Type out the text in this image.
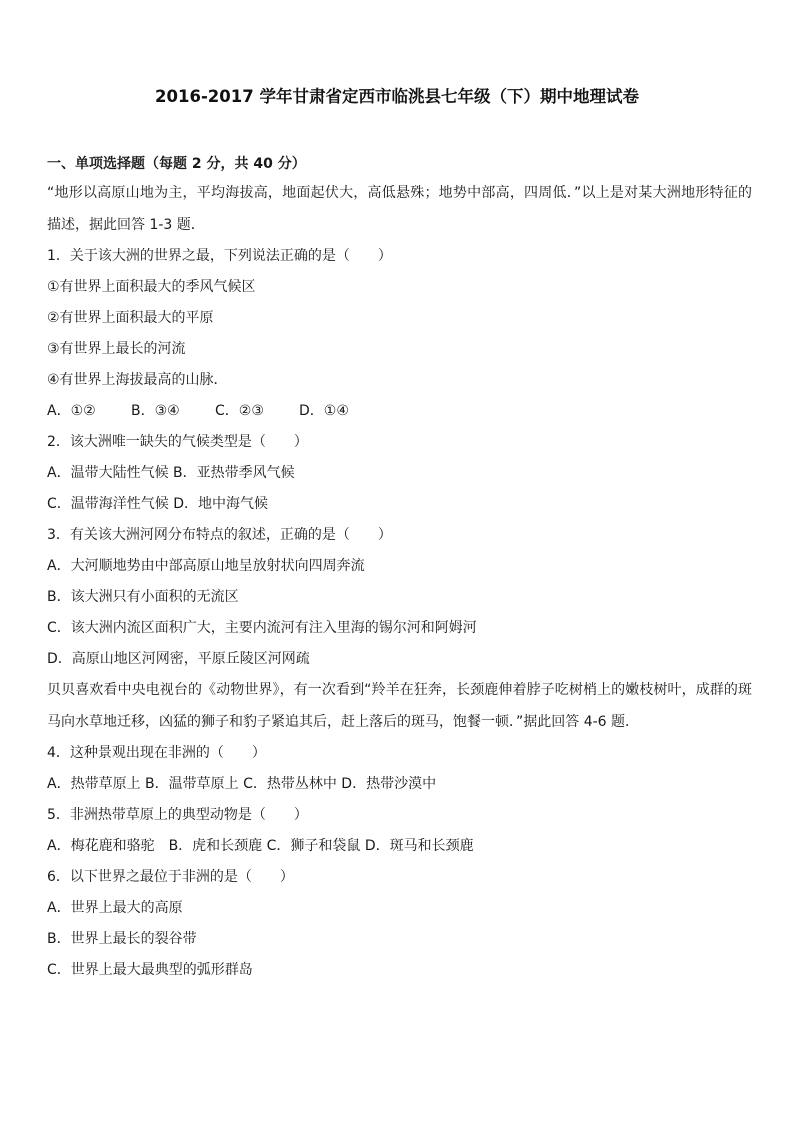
2016-2017 学年甘肃省定西市临洮县七年级（下）期中地理试卷
一、单项选择题（每题 2 分，共 40 分）

“地形以高原山地为主，平均海拔高，地面起伏大，高低悬殊；地势中部高，四周低．”以上是对某大洲地形特征的描述，据此回答 1-3 题．

1．关于该大洲的世界之最，下列说法正确的是（　　）
①有世界上面积最大的季风气候区
②有世界上面积最大的平原
③有世界上最长的河流
④有世界上海拔最高的山脉．
A．①②	B．③④	C．②③	D．①④
2．该大洲唯一缺失的气候类型是（　　）
A．温带大陆性气候 B．亚热带季风气候
C．温带海洋性气候 D．地中海气候
3．有关该大洲河网分布特点的叙述，正确的是（　　）
A．大河顺地势由中部高原山地呈放射状向四周奔流
B．该大洲只有小面积的无流区
C．该大洲内流区面积广大，主要内流河有注入里海的锡尔河和阿姆河
D．高原山地区河网密，平原丘陵区河网疏

贝贝喜欢看中央电视台的《动物世界》，有一次看到“羚羊在狂奔，长颈鹿伸着脖子吃树梢上的嫩枝树叶，成群的斑马向水草地迁移，凶猛的狮子和豹子紧追其后，赶上落后的斑马，饱餐一顿．”据此回答 4-6 题．

4．这种景观出现在非洲的（　　）
A．热带草原上 B．温带草原上 C．热带丛林中 D．热带沙漠中
5．非洲热带草原上的典型动物是（　　）
A．梅花鹿和骆驼　B．虎和长颈鹿 C．狮子和袋鼠 D．斑马和长颈鹿
6．以下世界之最位于非洲的是（　　）
A．世界上最大的高原
B．世界上最长的裂谷带
C．世界上最大最典型的弧形群岛
